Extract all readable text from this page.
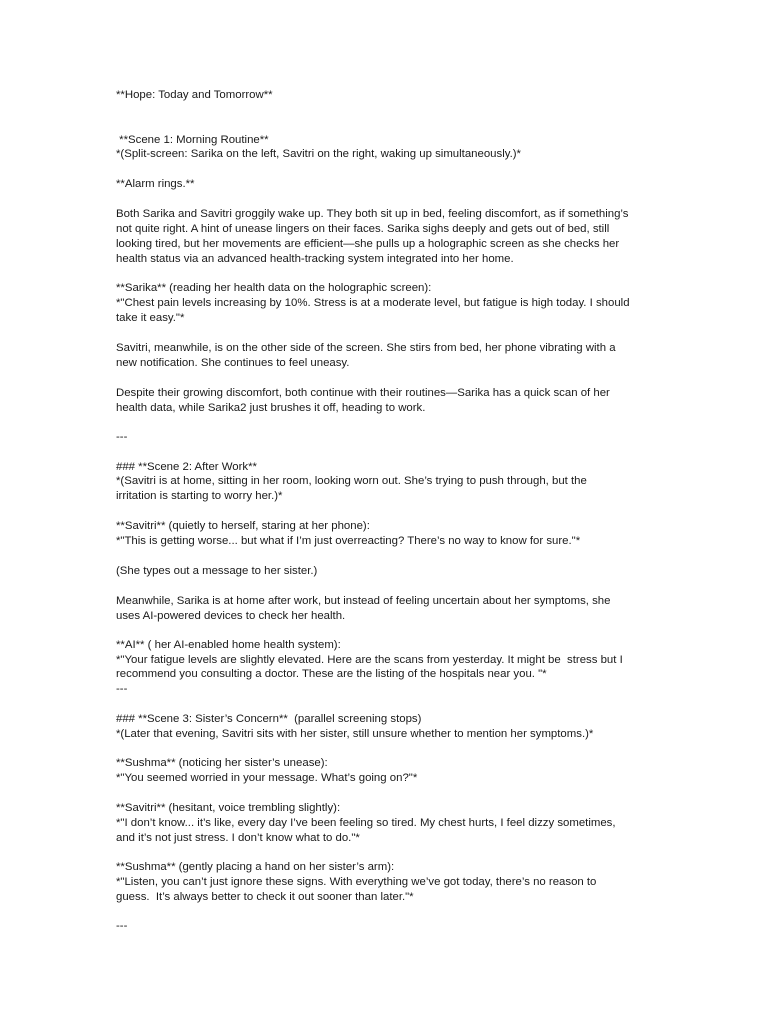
**Hope: Today and Tomorrow**
**Scene 1: Morning Routine**
*(Split-screen: Sarika on the left, Savitri on the right, waking up simultaneously.)*
**Alarm rings.**
Both Sarika and Savitri groggily wake up. They both sit up in bed, feeling discomfort, as if something’s
not quite right. A hint of unease lingers on their faces. Sarika sighs deeply and gets out of bed, still
looking tired, but her movements are efficient—she pulls up a holographic screen as she checks her
health status via an advanced health-tracking system integrated into her home.
**Sarika** (reading her health data on the holographic screen):
*"Chest pain levels increasing by 10%. Stress is at a moderate level, but fatigue is high today. I should
take it easy."*
Savitri, meanwhile, is on the other side of the screen. She stirs from bed, her phone vibrating with a
new notification. She continues to feel uneasy.
Despite their growing discomfort, both continue with their routines—Sarika has a quick scan of her
health data, while Sarika2 just brushes it off, heading to work.
---
### **Scene 2: After Work**
*(Savitri is at home, sitting in her room, looking worn out. She’s trying to push through, but the
irritation is starting to worry her.)*
**Savitri** (quietly to herself, staring at her phone):
*"This is getting worse... but what if I’m just overreacting? There’s no way to know for sure."*
(She types out a message to her sister.)
Meanwhile, Sarika is at home after work, but instead of feeling uncertain about her symptoms, she
uses AI-powered devices to check her health.
**AI** ( her AI-enabled home health system):
*"Your fatigue levels are slightly elevated. Here are the scans from yesterday. It might be  stress but I
recommend you consulting a doctor. These are the listing of the hospitals near you. "*
---
### **Scene 3: Sister’s Concern**  (parallel screening stops)
*(Later that evening, Savitri sits with her sister, still unsure whether to mention her symptoms.)*
**Sushma** (noticing her sister’s unease):
*"You seemed worried in your message. What’s going on?"*
**Savitri** (hesitant, voice trembling slightly):
*"I don’t know... it’s like, every day I’ve been feeling so tired. My chest hurts, I feel dizzy sometimes,
and it’s not just stress. I don’t know what to do."*
**Sushma** (gently placing a hand on her sister’s arm):
*"Listen, you can’t just ignore these signs. With everything we’ve got today, there’s no reason to
guess.  It’s always better to check it out sooner than later."*
---
